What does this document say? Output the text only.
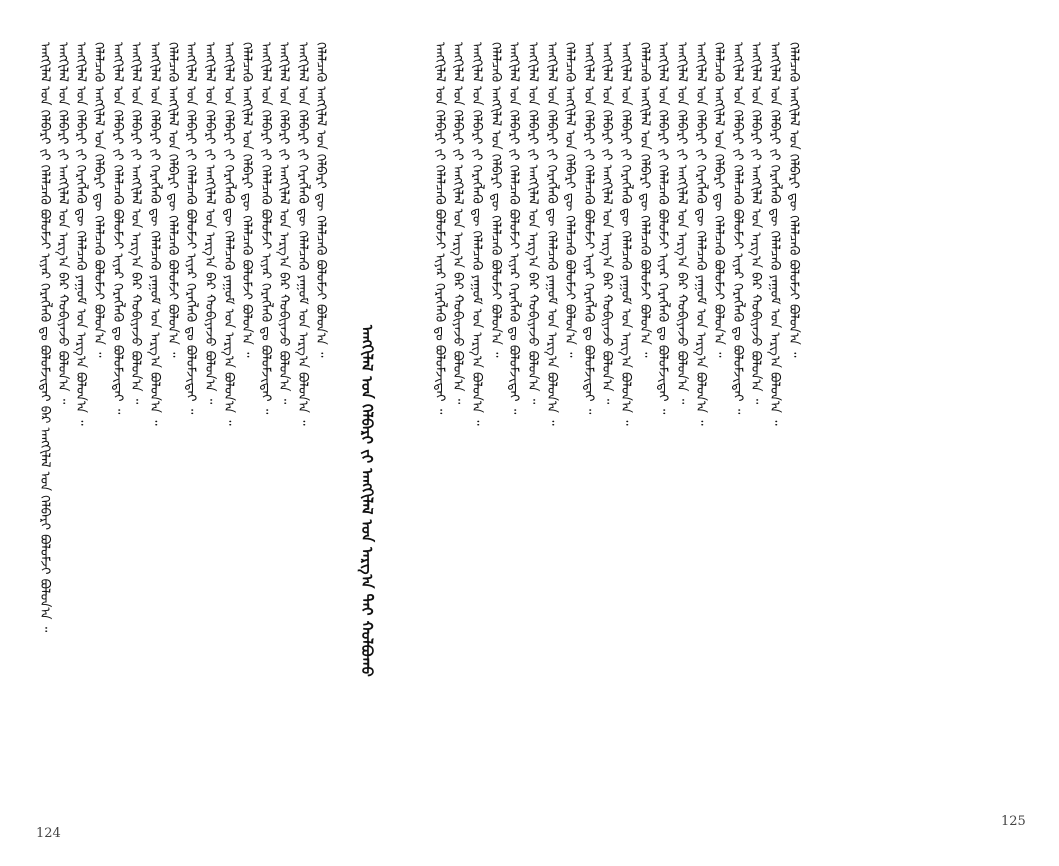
ᠠᠩᠭᠢᠯᠠᠯ ᠤᠨ ᠬᠡᠯᠪᠡᠷᠢ ᠵᠢ ᠠᠩᠭᠢᠯᠠᠯ ᠤᠨ ᠠᠷᠭ᠎ᠠ ᠲᠠᠢ ᠬᠤᠯᠪᠤᠬᠤ
ᠠᠩᠭᠢᠯᠠᠯ ᠤᠨ ᠬᠡᠯᠪᠡᠷᠢ ᠵᠢ ᠬᠡᠯᠡᠯᠴᠡᠬᠦ ᠪᠤᠯᠤᠮᠵᠢ ᠢᠶᠠᠷ ᠬᠡᠷᠡᠭᠯᠡᠬᠦ ᠳᠤ ᠪᠤᠯᠤᠮᠵᠢᠳᠠᠢ ᠪᠡᠷ ᠠᠩᠭᠢᠯᠠᠯ ᠤᠨ ᠬᠡᠯᠪᠡᠷᠢ ᠪᠤᠯᠤᠮᠵᠢ ᠪᠤᠯᠤᠨ᠎ᠠ ᠃ ᠠᠩᠭᠢᠯᠠᠯ ᠤᠨ ᠬᠡᠯᠪᠡᠷᠢ ᠵᠢ ᠠᠩᠭᠢᠯᠠᠯ ᠤᠨ ᠠᠷᠭ᠎ᠠ ᠪᠡᠷ ᠬᠤᠪᠢᠶᠠᠵᠤ ᠪᠣᠯᠤᠨ᠎ᠠ ᠃ ᠠᠩᠭᠢᠯᠠᠯ ᠤᠨ ᠬᠡᠯᠪᠡᠷᠢ ᠵᠢ ᠬᠡᠷᠡᠭᠯᠡᠬᠦ ᠳᠦ ᠬᠡᠯᠡᠯᠴᠡᠬᠦ ᠶᠠᠭᠤᠮ ᠤᠨ ᠠᠷᠭ᠎ᠠ ᠪᠤᠯᠤᠨ᠎ᠠ ᠃ ᠬᠡᠯᠡᠯᠴᠡᠬᠦ ᠠᠩᠭᠢᠯᠠᠯ ᠤᠨ ᠬᠡᠯᠪᠡᠷᠢ ᠳᠦ ᠬᠡᠯᠡᠯᠴᠡᠬᠦ ᠪᠤᠯᠤᠮᠵᠢ ᠪᠤᠯᠤᠨ᠎ᠠ ᠃ ᠠᠩᠭᠢᠯᠠᠯ ᠤᠨ ᠬᠡᠯᠪᠡᠷᠢ ᠵᠢ ᠬᠡᠯᠡᠯᠴᠡᠬᠦ ᠪᠤᠯᠤᠮᠵᠢ ᠢᠶᠠᠷ ᠬᠡᠷᠡᠭᠯᠡᠬᠦ ᠳᠤ ᠪᠤᠯᠤᠮᠵᠢᠳᠠᠢ ᠃ ᠠᠩᠭᠢᠯᠠᠯ ᠤᠨ ᠬᠡᠯᠪᠡᠷᠢ ᠵᠢ ᠠᠩᠭᠢᠯᠠᠯ ᠤᠨ ᠠᠷᠭ᠎ᠠ ᠪᠡᠷ ᠬᠤᠪᠢᠶᠠᠵᠤ ᠪᠣᠯᠤᠨ᠎ᠠ ᠃ ᠠᠩᠭᠢᠯᠠᠯ ᠤᠨ ᠬᠡᠯᠪᠡᠷᠢ ᠵᠢ ᠬᠡᠷᠡᠭᠯᠡᠬᠦ ᠳᠦ ᠬᠡᠯᠡᠯᠴᠡᠬᠦ ᠶᠠᠭᠤᠮ ᠤᠨ ᠠᠷᠭ᠎ᠠ ᠪᠤᠯᠤᠨ᠎ᠠ ᠃ ᠬᠡᠯᠡᠯᠴᠡᠬᠦ ᠠᠩᠭᠢᠯᠠᠯ ᠤᠨ ᠬᠡᠯᠪᠡᠷᠢ ᠳᠦ ᠬᠡᠯᠡᠯᠴᠡᠬᠦ ᠪᠤᠯᠤᠮᠵᠢ ᠪᠤᠯᠤᠨ᠎ᠠ ᠃ ᠠᠩᠭᠢᠯᠠᠯ ᠤᠨ ᠬᠡᠯᠪᠡᠷᠢ ᠵᠢ ᠬᠡᠯᠡᠯᠴᠡᠬᠦ ᠪᠤᠯᠤᠮᠵᠢ ᠢᠶᠠᠷ ᠬᠡᠷᠡᠭᠯᠡᠬᠦ ᠳᠤ ᠪᠤᠯᠤᠮᠵᠢᠳᠠᠢ ᠃ ᠠᠩᠭᠢᠯᠠᠯ ᠤᠨ ᠬᠡᠯᠪᠡᠷᠢ ᠵᠢ ᠠᠩᠭᠢᠯᠠᠯ ᠤᠨ ᠠᠷᠭ᠎ᠠ ᠪᠡᠷ ᠬᠤᠪᠢᠶᠠᠵᠤ ᠪᠣᠯᠤᠨ᠎ᠠ ᠃ ᠠᠩᠭᠢᠯᠠᠯ ᠤᠨ ᠬᠡᠯᠪᠡᠷᠢ ᠵᠢ ᠬᠡᠷᠡᠭᠯᠡᠬᠦ ᠳᠦ ᠬᠡᠯᠡᠯᠴᠡᠬᠦ ᠶᠠᠭᠤᠮ ᠤᠨ ᠠᠷᠭ᠎ᠠ ᠪᠤᠯᠤᠨ᠎ᠠ ᠃ ᠬᠡᠯᠡᠯᠴᠡᠬᠦ ᠠᠩᠭᠢᠯᠠᠯ ᠤᠨ ᠬᠡᠯᠪᠡᠷᠢ ᠳᠦ ᠬᠡᠯᠡᠯᠴᠡᠬᠦ ᠪᠤᠯᠤᠮᠵᠢ ᠪᠤᠯᠤᠨ᠎ᠠ ᠃ ᠠᠩᠭᠢᠯᠠᠯ ᠤᠨ ᠬᠡᠯᠪᠡᠷᠢ ᠵᠢ ᠬᠡᠯᠡᠯᠴᠡᠬᠦ ᠪᠤᠯᠤᠮᠵᠢ ᠢᠶᠠᠷ ᠬᠡᠷᠡᠭᠯᠡᠬᠦ ᠳᠤ ᠪᠤᠯᠤᠮᠵᠢᠳᠠᠢ ᠃ ᠠᠩᠭᠢᠯᠠᠯ ᠤᠨ ᠬᠡᠯᠪᠡᠷᠢ ᠵᠢ ᠠᠩᠭᠢᠯᠠᠯ ᠤᠨ ᠠᠷᠭ᠎ᠠ ᠪᠡᠷ ᠬᠤᠪᠢᠶᠠᠵᠤ ᠪᠣᠯᠤᠨ᠎ᠠ ᠃ ᠠᠩᠭᠢᠯᠠᠯ ᠤᠨ ᠬᠡᠯᠪᠡᠷᠢ ᠵᠢ ᠬᠡᠷᠡᠭᠯᠡᠬᠦ ᠳᠦ ᠬᠡᠯᠡᠯᠴᠡᠬᠦ ᠶᠠᠭᠤᠮ ᠤᠨ ᠠᠷᠭ᠎ᠠ ᠪᠤᠯᠤᠨ᠎ᠠ ᠃ ᠬᠡᠯᠡᠯᠴᠡᠬᠦ ᠠᠩᠭᠢᠯᠠᠯ ᠤᠨ ᠬᠡᠯᠪᠡᠷᠢ ᠳᠦ ᠬᠡᠯᠡᠯᠴᠡᠬᠦ ᠪᠤᠯᠤᠮᠵᠢ ᠪᠤᠯᠤᠨ᠎ᠠ ᠃	ᠠᠩᠭᠢᠯᠠᠯ ᠤᠨ ᠬᠡᠯᠪᠡᠷᠢ ᠵᠢ ᠬᠡᠯᠡᠯᠴᠡᠬᠦ ᠪᠤᠯᠤᠮᠵᠢ ᠢᠶᠠᠷ ᠬᠡᠷᠡᠭᠯᠡᠬᠦ ᠳᠤ ᠪᠤᠯᠤᠮᠵᠢᠳᠠᠢ ᠃ ᠠᠩᠭᠢᠯᠠᠯ ᠤᠨ ᠬᠡᠯᠪᠡᠷᠢ ᠵᠢ ᠠᠩᠭᠢᠯᠠᠯ ᠤᠨ ᠠᠷᠭ᠎ᠠ ᠪᠡᠷ ᠬᠤᠪᠢᠶᠠᠵᠤ ᠪᠣᠯᠤᠨ᠎ᠠ ᠃ ᠠᠩᠭᠢᠯᠠᠯ ᠤᠨ ᠬᠡᠯᠪᠡᠷᠢ ᠵᠢ ᠬᠡᠷᠡᠭᠯᠡᠬᠦ ᠳᠦ ᠬᠡᠯᠡᠯᠴᠡᠬᠦ ᠶᠠᠭᠤᠮ ᠤᠨ ᠠᠷᠭ᠎ᠠ ᠪᠤᠯᠤᠨ᠎ᠠ ᠃ ᠬᠡᠯᠡᠯᠴᠡᠬᠦ ᠠᠩᠭᠢᠯᠠᠯ ᠤᠨ ᠬᠡᠯᠪᠡᠷᠢ ᠳᠦ ᠬᠡᠯᠡᠯᠴᠡᠬᠦ ᠪᠤᠯᠤᠮᠵᠢ ᠪᠤᠯᠤᠨ᠎ᠠ ᠃ ᠠᠩᠭᠢᠯᠠᠯ ᠤᠨ ᠬᠡᠯᠪᠡᠷᠢ ᠵᠢ ᠬᠡᠯᠡᠯᠴᠡᠬᠦ ᠪᠤᠯᠤᠮᠵᠢ ᠢᠶᠠᠷ ᠬᠡᠷᠡᠭᠯᠡᠬᠦ ᠳᠤ ᠪᠤᠯᠤᠮᠵᠢᠳᠠᠢ ᠃ ᠠᠩᠭᠢᠯᠠᠯ ᠤᠨ ᠬᠡᠯᠪᠡᠷᠢ ᠵᠢ ᠠᠩᠭᠢᠯᠠᠯ ᠤᠨ ᠠᠷᠭ᠎ᠠ ᠪᠡᠷ ᠬᠤᠪᠢᠶᠠᠵᠤ ᠪᠣᠯᠤᠨ᠎ᠠ ᠃ ᠠᠩᠭᠢᠯᠠᠯ ᠤᠨ ᠬᠡᠯᠪᠡᠷᠢ ᠵᠢ ᠬᠡᠷᠡᠭᠯᠡᠬᠦ ᠳᠦ ᠬᠡᠯᠡᠯᠴᠡᠬᠦ ᠶᠠᠭᠤᠮ ᠤᠨ ᠠᠷᠭ᠎ᠠ ᠪᠤᠯᠤᠨ᠎ᠠ ᠃ ᠬᠡᠯᠡᠯᠴᠡᠬᠦ ᠠᠩᠭᠢᠯᠠᠯ ᠤᠨ ᠬᠡᠯᠪᠡᠷᠢ ᠳᠦ ᠬᠡᠯᠡᠯᠴᠡᠬᠦ ᠪᠤᠯᠤᠮᠵᠢ ᠪᠤᠯᠤᠨ᠎ᠠ ᠃ ᠠᠩᠭᠢᠯᠠᠯ ᠤᠨ ᠬᠡᠯᠪᠡᠷᠢ ᠵᠢ ᠬᠡᠯᠡᠯᠴᠡᠬᠦ ᠪᠤᠯᠤᠮᠵᠢ ᠢᠶᠠᠷ ᠬᠡᠷᠡᠭᠯᠡᠬᠦ ᠳᠤ ᠪᠤᠯᠤᠮᠵᠢᠳᠠᠢ ᠃ ᠠᠩᠭᠢᠯᠠᠯ ᠤᠨ ᠬᠡᠯᠪᠡᠷᠢ ᠵᠢ ᠠᠩᠭᠢᠯᠠᠯ ᠤᠨ ᠠᠷᠭ᠎ᠠ ᠪᠡᠷ ᠬᠤᠪᠢᠶᠠᠵᠤ ᠪᠣᠯᠤᠨ᠎ᠠ ᠃ ᠠᠩᠭᠢᠯᠠᠯ ᠤᠨ ᠬᠡᠯᠪᠡᠷᠢ ᠵᠢ ᠬᠡᠷᠡᠭᠯᠡᠬᠦ ᠳᠦ ᠬᠡᠯᠡᠯᠴᠡᠬᠦ ᠶᠠᠭᠤᠮ ᠤᠨ ᠠᠷᠭ᠎ᠠ ᠪᠤᠯᠤᠨ᠎ᠠ ᠃ ᠬᠡᠯᠡᠯᠴᠡᠬᠦ ᠠᠩᠭᠢᠯᠠᠯ ᠤᠨ ᠬᠡᠯᠪᠡᠷᠢ ᠳᠦ ᠬᠡᠯᠡᠯᠴᠡᠬᠦ ᠪᠤᠯᠤᠮᠵᠢ ᠪᠤᠯᠤᠨ᠎ᠠ ᠃ ᠠᠩᠭᠢᠯᠠᠯ ᠤᠨ ᠬᠡᠯᠪᠡᠷᠢ ᠵᠢ ᠬᠡᠯᠡᠯᠴᠡᠬᠦ ᠪᠤᠯᠤᠮᠵᠢ ᠢᠶᠠᠷ ᠬᠡᠷᠡᠭᠯᠡᠬᠦ ᠳᠤ ᠪᠤᠯᠤᠮᠵᠢᠳᠠᠢ ᠃ ᠠᠩᠭᠢᠯᠠᠯ ᠤᠨ ᠬᠡᠯᠪᠡᠷᠢ ᠵᠢ ᠠᠩᠭᠢᠯᠠᠯ ᠤᠨ ᠠᠷᠭ᠎ᠠ ᠪᠡᠷ ᠬᠤᠪᠢᠶᠠᠵᠤ ᠪᠣᠯᠤᠨ᠎ᠠ ᠃ ᠠᠩᠭᠢᠯᠠᠯ ᠤᠨ ᠬᠡᠯᠪᠡᠷᠢ ᠵᠢ ᠬᠡᠷᠡᠭᠯᠡᠬᠦ ᠳᠦ ᠬᠡᠯᠡᠯᠴᠡᠬᠦ ᠶᠠᠭᠤᠮ ᠤᠨ ᠠᠷᠭ᠎ᠠ ᠪᠤᠯᠤᠨ᠎ᠠ ᠃ ᠬᠡᠯᠡᠯᠴᠡᠬᠦ ᠠᠩᠭᠢᠯᠠᠯ ᠤᠨ ᠬᠡᠯᠪᠡᠷᠢ ᠳᠦ ᠬᠡᠯᠡᠯᠴᠡᠬᠦ ᠪᠤᠯᠤᠮᠵᠢ ᠪᠤᠯᠤᠨ᠎ᠠ ᠃ ᠠᠩᠭᠢᠯᠠᠯ ᠤᠨ ᠬᠡᠯᠪᠡᠷᠢ ᠵᠢ ᠬᠡᠯᠡᠯᠴᠡᠬᠦ ᠪᠤᠯᠤᠮᠵᠢ ᠢᠶᠠᠷ ᠬᠡᠷᠡᠭᠯᠡᠬᠦ ᠳᠤ ᠪᠤᠯᠤᠮᠵᠢᠳᠠᠢ ᠃ ᠠᠩᠭᠢᠯᠠᠯ ᠤᠨ ᠬᠡᠯᠪᠡᠷᠢ ᠵᠢ ᠠᠩᠭᠢᠯᠠᠯ ᠤᠨ ᠠᠷᠭ᠎ᠠ ᠪᠡᠷ ᠬᠤᠪᠢᠶᠠᠵᠤ ᠪᠣᠯᠤᠨ᠎ᠠ ᠃ ᠠᠩᠭᠢᠯᠠᠯ ᠤᠨ ᠬᠡᠯᠪᠡᠷᠢ ᠵᠢ ᠬᠡᠷᠡᠭᠯᠡᠬᠦ ᠳᠦ ᠬᠡᠯᠡᠯᠴᠡᠬᠦ ᠶᠠᠭᠤᠮ ᠤᠨ ᠠᠷᠭ᠎ᠠ ᠪᠤᠯᠤᠨ᠎ᠠ ᠃ ᠬᠡᠯᠡᠯᠴᠡᠬᠦ ᠠᠩᠭᠢᠯᠠᠯ ᠤᠨ ᠬᠡᠯᠪᠡᠷᠢ ᠳᠦ ᠬᠡᠯᠡᠯᠴᠡᠬᠦ ᠪᠤᠯᠤᠮᠵᠢ ᠪᠤᠯᠤᠨ᠎ᠠ ᠃
124
125
